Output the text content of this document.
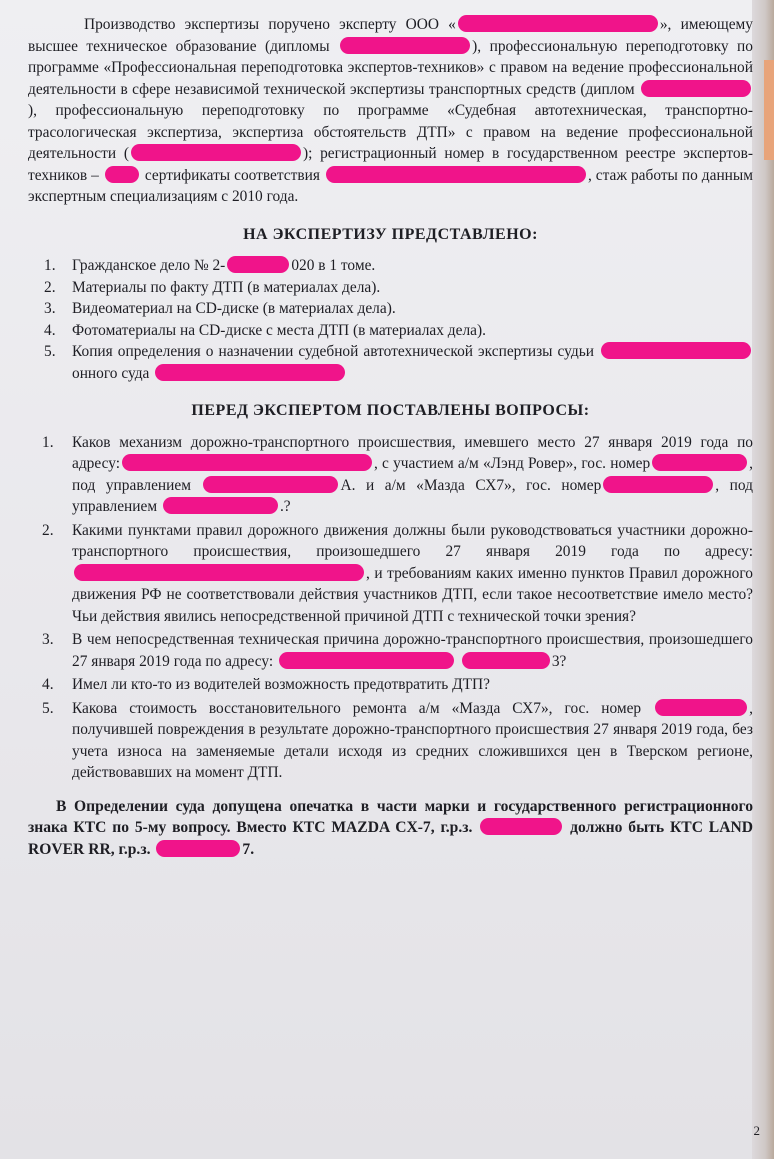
Производство экспертизы поручено эксперту ООО «	», имеющему высшее техническое образование (дипломы	), профессиональную переподготовку по программе «Профессиональная переподготовка экспертов-техников» с правом на ведение профессиональной деятельности в сфере независимой технической экспертизы транспортных средств (диплом ), профессиональную переподготовку по программе «Судебная автотехническая, транспортно-трасологическая экспертиза, экспертиза обстоятельств ДТП» с правом на ведение профессиональной деятельности (	); регистрационный номер в государственном реестре экспертов-техников –	сертификаты соответствия	, стаж работы по данным экспертным специализациям с 2010 года.

НА ЭКСПЕРТИЗУ ПРЕДСТАВЛЕНО:
1. Гражданское дело № 2-	020 в 1 томе.
2. Материалы по факту ДТП (в материалах дела).
3. Видеоматериал на CD-диске (в материалах дела).
4. Фотоматериалы на CD-диске с места ДТП (в материалах дела).
5. Копия определения о назначении судебной автотехнической экспертизы судьи онного суда
ПЕРЕД ЭКСПЕРТОМ ПОСТАВЛЕНЫ ВОПРОСЫ:
1. Каков механизм дорожно-транспортного происшествия, имевшего место 27 января 2019 года по адресу:	, с участием а/м «Лэнд Ровер», гос. номер	, под управлением	А. и а/м «Мазда СХ7», гос. номер	, под управлением	.?
2. Какими пунктами правил дорожного движения должны были руководствоваться участники дорожно-транспортного происшествия, произошедшего 27 января 2019 года по адресу: , и требованиям каких именно пунктов Правил дорожного движения РФ не соответствовали действия участников ДТП, если такое несоответствие имело место? Чьи действия явились непосредственной причиной ДТП с технической точки зрения?
3. В чем непосредственная техническая причина дорожно-транспортного происшествия, произошедшего 27 января 2019 года по адресу:	3?
4. Имел ли кто-то из водителей возможность предотвратить ДТП?
5. Какова стоимость восстановительного ремонта а/м «Мазда СХ7», гос. номер	, получившей повреждения в результате дорожно-транспортного происшествия 27 января 2019 года, без учета износа на заменяемые детали исходя из средних сложившихся цен в Тверском регионе, действовавших на момент ДТП.

В Определении суда допущена опечатка в части марки и государственного регистрационного знака КТС по 5-му вопросу. Вместо КТС MAZDA CX-7, г.р.з.	должно быть КТС LAND ROVER RR, г.р.з.	7.

2
